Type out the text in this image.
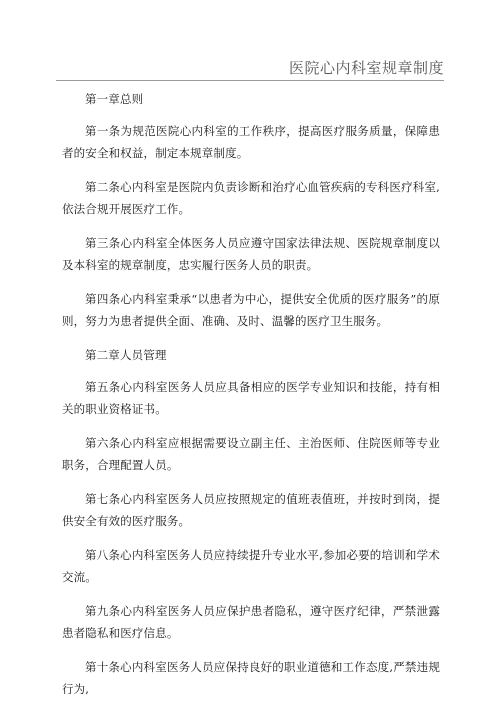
医院心内科室规章制度

第一章总则

第一条为规范医院心内科室的工作秩序，提高医疗服务质量，保障患者的安全和权益，制定本规章制度。

第二条心内科室是医院内负责诊断和治疗心血管疾病的专科医疗科室,依法合规开展医疗工作。

第三条心内科室全体医务人员应遵守国家法律法规、医院规章制度以及本科室的规章制度，忠实履行医务人员的职责。

第四条心内科室秉承“以患者为中心，提供安全优质的医疗服务”的原则，努力为患者提供全面、准确、及时、温馨的医疗卫生服务。

第二章人员管理

第五条心内科室医务人员应具备相应的医学专业知识和技能，持有相关的职业资格证书。

第六条心内科室应根据需要设立副主任、主治医师、住院医师等专业职务，合理配置人员。

第七条心内科室医务人员应按照规定的值班表值班，并按时到岗，提供安全有效的医疗服务。

第八条心内科室医务人员应持续提升专业水平,参加必要的培训和学术交流。

第九条心内科室医务人员应保护患者隐私，遵守医疗纪律，严禁泄露患者隐私和医疗信息。

第十条心内科室医务人员应保持良好的职业道德和工作态度,严禁违规行为,
